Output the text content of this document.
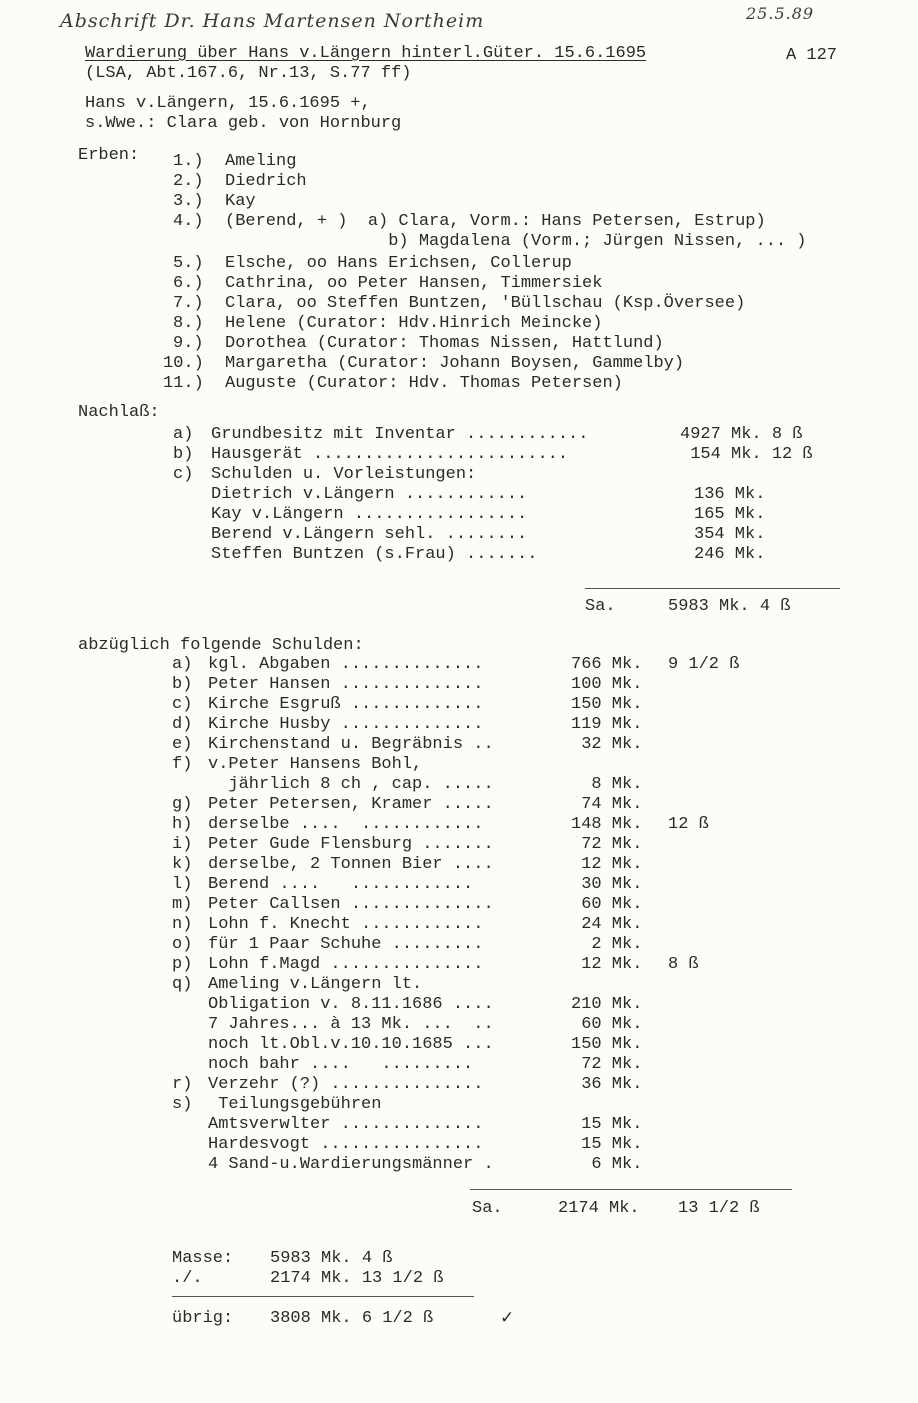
Abschrift Dr. Hans Martensen Northeim	25.5.89
Wardierung über Hans v.Längern hinterl.Güter. 15.6.1695	A 127
(LSA, Abt.167.6, Nr.13, S.77 ff)
Hans v.Längern, 15.6.1695 +,
s.Wwe.: Clara geb. von Hornburg
Erben: 1.) Ameling
2.) Diedrich
3.) Kay
4.) (Berend, + )  a) Clara, Vorm.: Hans Petersen, Estrup)
b) Magdalena (Vorm.; Jürgen Nissen, ... )
5.) Elsche, oo Hans Erichsen, Collerup
6.) Cathrina, oo Peter Hansen, Timmersiek
7.) Clara, oo Steffen Buntzen, 'Büllschau (Ksp.Översee)
8.) Helene (Curator: Hdv.Hinrich Meincke)
9.) Dorothea (Curator: Thomas Nissen, Hattlund)
10.) Margaretha (Curator: Johann Boysen, Gammelby)
11.) Auguste (Curator: Hdv. Thomas Petersen)
Nachlaß:
a) Grundbesitz mit Inventar ............	4927 Mk. 8 ß
b) Hausgerät .........................	154 Mk. 12 ß
c) Schulden u. Vorleistungen:
Dietrich v.Längern ............	136 Mk.
Kay v.Längern .................	165 Mk.
Berend v.Längern sehl. ........	354 Mk.
Steffen Buntzen (s.Frau) .......	246 Mk.
Sa.	5983 Mk. 4 ß
abzüglich folgende Schulden:
a) kgl. Abgaben ..............	766 Mk. 9 1/2 ß
b) Peter Hansen ..............	100 Mk.
c) Kirche Esgruß .............	150 Mk.
d) Kirche Husby ..............	119 Mk.
e) Kirchenstand u. Begräbnis ..	32 Mk.
f) v.Peter Hansens Bohl,
jährlich 8 ch , cap. .....	8 Mk.
g) Peter Petersen, Kramer .....	74 Mk.
h) derselbe ....  ............	148 Mk. 12 ß
i) Peter Gude Flensburg .......	72 Mk.
k) derselbe, 2 Tonnen Bier ....	12 Mk.
l) Berend ....   ............	30 Mk.
m) Peter Callsen ..............	60 Mk.
n) Lohn f. Knecht ............	24 Mk.
o) für 1 Paar Schuhe .........	2 Mk.
p) Lohn f.Magd ...............	12 Mk. 8 ß
q) Ameling v.Längern lt.
Obligation v. 8.11.1686 ....	210 Mk.
7 Jahres... à 13 Mk. ...  ..	60 Mk.
noch lt.Obl.v.10.10.1685 ...	150 Mk.
noch bahr ....   .........	72 Mk.
r) Verzehr (?) ...............	36 Mk.
s) Teilungsgebühren
Amtsverwlter ..............	15 Mk.
Hardesvogt ................	15 Mk.
4 Sand-u.Wardierungsmänner .	6 Mk.
Sa.	2174 Mk. 13 1/2 ß
Masse: 5983 Mk. 4 ß
./.	2174 Mk. 13 1/2 ß
übrig: 3808 Mk. 6 1/2 ß	✓
